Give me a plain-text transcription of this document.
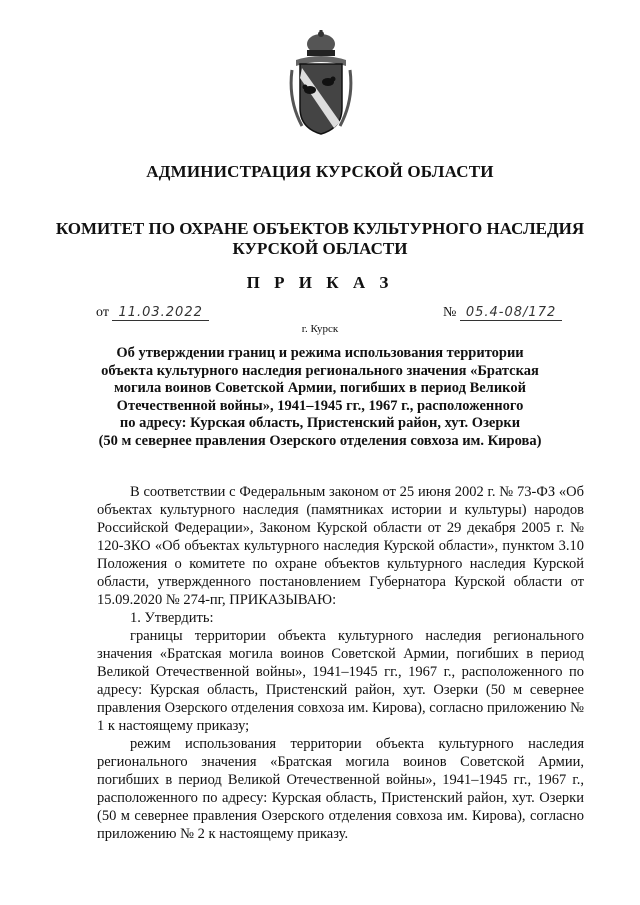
АДМИНИСТРАЦИЯ КУРСКОЙ ОБЛАСТИ
КОМИТЕТ ПО ОХРАНЕ ОБЪЕКТОВ КУЛЬТУРНОГО НАСЛЕДИЯ
КУРСКОЙ ОБЛАСТИ
П Р И К А З
от 11.03.2022	№ 05.4-08/172
г. Курск
Об утверждении границ и режима использования территории
объекта культурного наследия регионального значения «Братская
могила воинов Советской Армии, погибших в период Великой
Отечественной войны», 1941–1945 гг., 1967 г., расположенного
по адресу: Курская область, Пристенский район, хут. Озерки
(50 м севернее правления Озерского отделения совхоза им. Кирова)

В соответствии с Федеральным законом от 25 июня 2002 г. № 73-ФЗ «Об объектах культурного наследия (памятниках истории и культуры) народов Российской Федерации», Законом Курской области от 29 декабря 2005 г. № 120-ЗКО «Об объектах культурного наследия Курской области», пунктом 3.10 Положения о комитете по охране объектов культурного наследия Курской области, утвержденного постановлением Губернатора Курской области от 15.09.2020 № 274-пг, ПРИКАЗЫВАЮ:

1. Утвердить:

границы территории объекта культурного наследия регионального значения «Братская могила воинов Советской Армии, погибших в период Великой Отечественной войны», 1941–1945 гг., 1967 г., расположенного по адресу: Курская область, Пристенский район, хут. Озерки (50 м севернее правления Озерского отделения совхоза им. Кирова), согласно приложению № 1 к настоящему приказу;

режим использования территории объекта культурного наследия регионального значения «Братская могила воинов Советской Армии, погибших в период Великой Отечественной войны», 1941–1945 гг., 1967 г., расположенного по адресу: Курская область, Пристенский район, хут. Озерки (50 м севернее правления Озерского отделения совхоза им. Кирова), согласно приложению № 2 к настоящему приказу.
